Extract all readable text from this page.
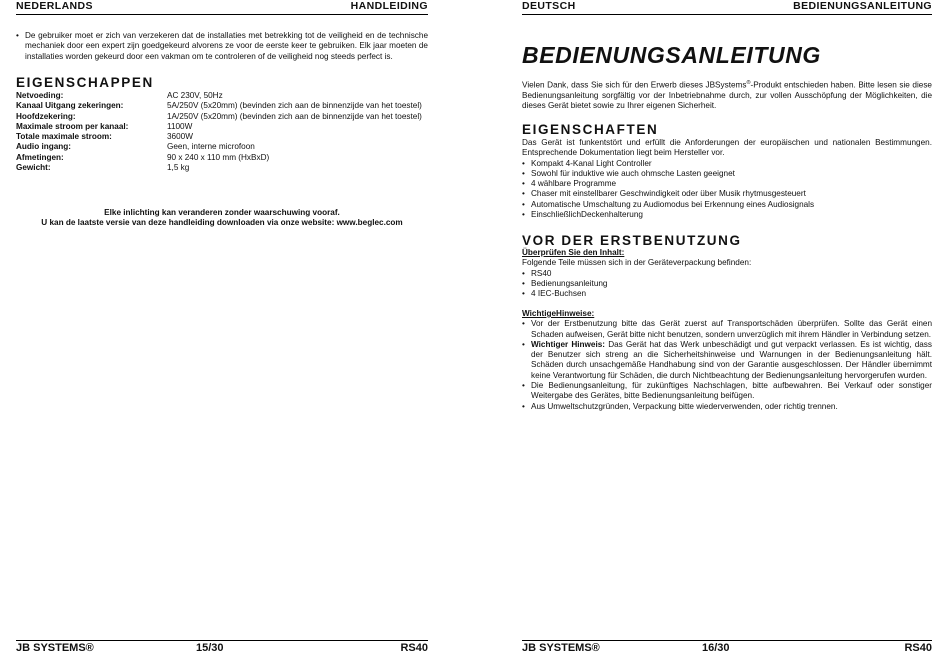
NEDERLANDS	HANDLEIDING
• De gebruiker moet er zich van verzekeren dat de installaties met betrekking tot de veiligheid en de technische mechaniek door een expert zijn goedgekeurd alvorens ze voor de eerste keer te gebruiken. Elk jaar moeten de installaties worden gekeurd door een vakman om te controleren of de veiligheid nog steeds perfect is.
EIGENSCHAPPEN
Netvoeding:	AC 230V, 50Hz
Kanaal Uitgang zekeringen:	5A/250V (5x20mm) (bevinden zich aan de binnenzijde van het toestel)
Hoofdzekering:	1A/250V (5x20mm) (bevinden zich aan de binnenzijde van het toestel)
Maximale stroom per kanaal:	1100W
Totale maximale stroom:	3600W
Audio ingang:	Geen, interne microfoon
Afmetingen:	90 x 240 x 110 mm (HxBxD)
Gewicht:	1,5 kg
Elke inlichting kan veranderen zonder waarschuwing vooraf.
U kan de laatste versie van deze handleiding downloaden via onze website: www.beglec.com
JB SYSTEMS®	15/30	RS40
DEUTSCH	BEDIENUNGSANLEITUNG
BEDIENUNGSANLEITUNG
Vielen Dank, dass Sie sich für den Erwerb dieses JBSystems®-Produkt entschieden haben. Bitte lesen sie diese Bedienungsanleitung sorgfältig vor der Inbetriebnahme durch, zur vollen Ausschöpfung der Möglichkeiten, die dieses Gerät bietet sowie zu Ihrer eigenen Sicherheit.
EIGENSCHAFTEN
Das Gerät ist funkentstört und erfüllt die Anforderungen der europäischen und nationalen Bestimmungen. Entsprechende Dokumentation liegt beim Hersteller vor.
• Kompakt 4-Kanal Light Controller
• Sowohl für induktive wie auch ohmsche Lasten geeignet
• 4 wählbare Programme
• Chaser mit einstellbarer Geschwindigkeit oder über Musik rhytmusgesteuert
• Automatische Umschaltung zu Audiomodus bei Erkennung eines Audiosignals
• EinschließlichDeckenhalterung
VOR DER ERSTBENUTZUNG
Überprüfen Sie den Inhalt:
Folgende Teile müssen sich in der Geräteverpackung befinden:
• RS40
• Bedienungsanleitung
• 4 IEC-Buchsen
WichtigeHinweise:
• Vor der Erstbenutzung bitte das Gerät zuerst auf Transportschäden überprüfen. Sollte das Gerät einen Schaden aufweisen, Gerät bitte nicht benutzen, sondern unverzüglich mit ihrem Händler in Verbindung setzen.
• Wichtiger Hinweis: Das Gerät hat das Werk unbeschädigt und gut verpackt verlassen. Es ist wichtig, dass der Benutzer sich streng an die Sicherheitshinweise und Warnungen in der Bedienungsanleitung hält. Schäden durch unsachgemäße Handhabung sind von der Garantie ausgeschlossen. Der Händler übernimmt keine Verantwortung für Schäden, die durch Nichtbeachtung der Bedienungsanleitung hervorgerufen wurden.
• Die Bedienungsanleitung, für zukünftiges Nachschlagen, bitte aufbewahren. Bei Verkauf oder sonstiger Weitergabe des Gerätes, bitte Bedienungsanleitung beifügen.
• Aus Umweltschutzgründen, Verpackung bitte wiederverwenden, oder richtig trennen.
JB SYSTEMS®	16/30	RS40
